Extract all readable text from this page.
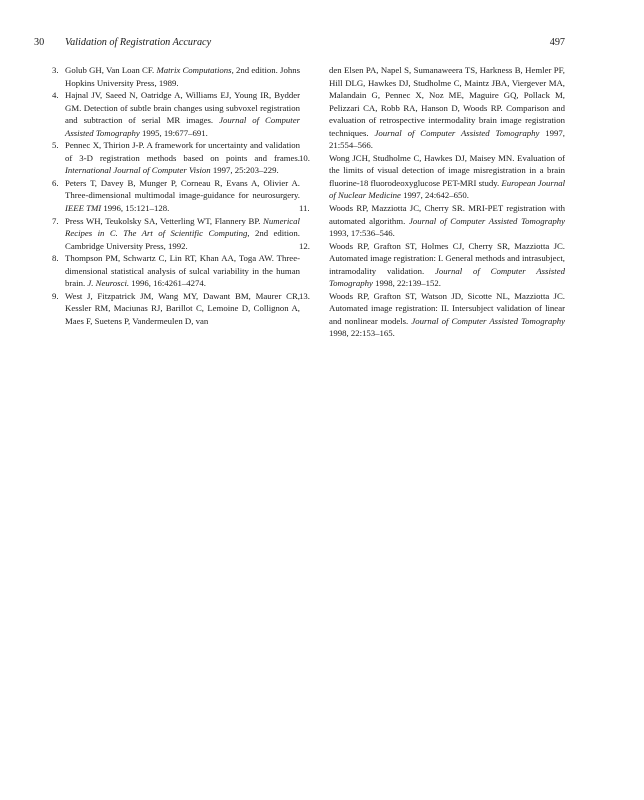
30 Validation of Registration Accuracy	497
3. Golub GH, Van Loan CF. Matrix Computations, 2nd edition. Johns Hopkins University Press, 1989.
4. Hajnal JV, Saeed N, Oatridge A, Williams EJ, Young IR, Bydder GM. Detection of subtle brain changes using subvoxel registration and subtraction of serial MR images. Journal of Computer Assisted Tomography 1995, 19:677–691.
5. Pennec X, Thirion J-P. A framework for uncertainty and validation of 3-D registration methods based on points and frames. International Journal of Computer Vision 1997, 25:203–229.
6. Peters T, Davey B, Munger P, Corneau R, Evans A, Olivier A. Three-dimensional multimodal image-guidance for neurosurgery. IEEE TMI 1996, 15:121–128.
7. Press WH, Teukolsky SA, Vetterling WT, Flannery BP. Numerical Recipes in C. The Art of Scientific Computing, 2nd edition. Cambridge University Press, 1992.
8. Thompson PM, Schwartz C, Lin RT, Khan AA, Toga AW. Three-dimensional statistical analysis of sulcal variability in the human brain. J. Neurosci. 1996, 16:4261–4274.
9. West J, Fitzpatrick JM, Wang MY, Dawant BM, Maurer CR, Kessler RM, Maciunas RJ, Barillot C, Lemoine D, Collignon A, Maes F, Suetens P, Vandermeulen D, van
den Elsen PA, Napel S, Sumanaweera TS, Harkness B, Hemler PF, Hill DLG, Hawkes DJ, Studholme C, Maintz JBA, Viergever MA, Malandain G, Pennec X, Noz ME, Maguire GQ, Pollack M, Pelizzari CA, Robb RA, Hanson D, Woods RP. Comparison and evaluation of retrospective intermodality brain image registration techniques. Journal of Computer Assisted Tomography 1997, 21:554–566.
10. Wong JCH, Studholme C, Hawkes DJ, Maisey MN. Evaluation of the limits of visual detection of image misregistration in a brain fluorine-18 fluorodeoxyglucose PET-MRI study. European Journal of Nuclear Medicine 1997, 24:642–650.
11. Woods RP, Mazziotta JC, Cherry SR. MRI-PET registration with automated algorithm. Journal of Computer Assisted Tomography 1993, 17:536–546.
12. Woods RP, Grafton ST, Holmes CJ, Cherry SR, Mazziotta JC. Automated image registration: I. General methods and intrasubject, intramodality validation. Journal of Computer Assisted Tomography 1998, 22:139–152.
13. Woods RP, Grafton ST, Watson JD, Sicotte NL, Mazziotta JC. Automated image registration: II. Intersubject validation of linear and nonlinear models. Journal of Computer Assisted Tomography 1998, 22:153–165.
